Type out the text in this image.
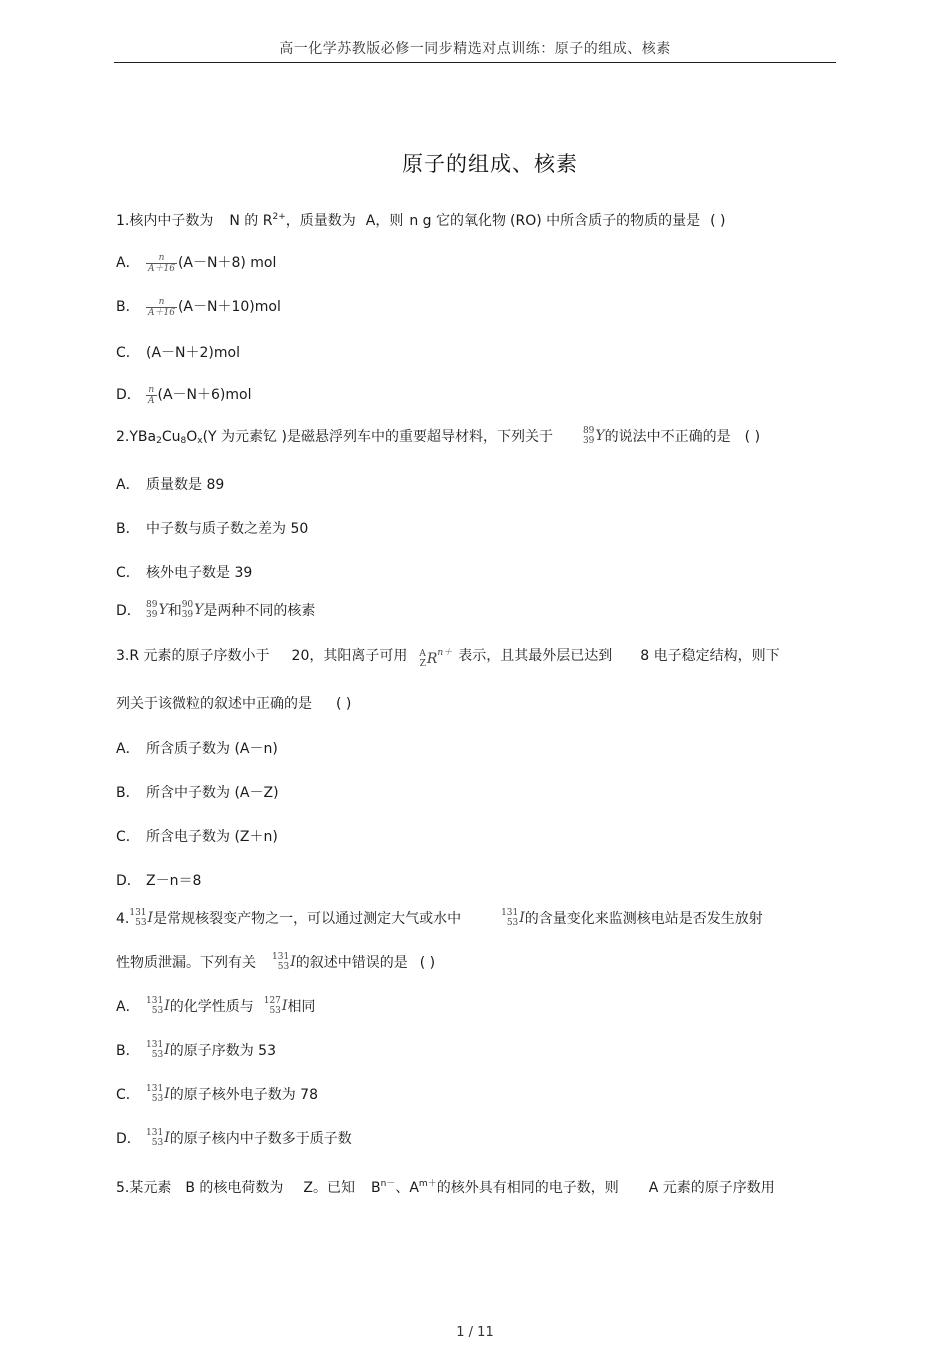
高一化学苏教版必修一同步精选对点训练：原子的组成、核素
原子的组成、核素
1.核内中子数为 N 的 $R^{2+}$，质量数为 A，则 n g 它的氧化物 (RO) 中所含质子的物质的量是 ( )
A． $\frac{n}{A+16} (A-N+8)$ mol
B． $\frac{n}{A+16} (A-N+10)mol$
C． (A－N＋2)mol
D． $\frac{n}{A} (A-N+6)mol$
$2.YBa_2Cu_8O_x(Y$ 为元素钇 )是磁悬浮列车中的重要超导材料，下列关于	89
39 Y的说法中不正确的是 ( )
A． 质量数是 89
B． 中子数与质子数之差为 50
C． 核外电子数是 39
D． 89
39 Y和 90
39 Y是两种不同的核素
3.R 元素的原子序数小于 20，其阳离子可用 A
Z $R^{n+}$ 表示，且其最外层已达到 8 电子稳定结构，则下
列关于该微粒的叙述中正确的是 ( )
A． 所含质子数为 (A－n)
B． 所含中子数为 (A－Z)
C． 所含电子数为 (Z＋n)
D． Z－n＝8
4. 131
53 I是常规核裂变产物之一，可以通过测定大气或水中	131
53 I的含量变化来监测核电站是否发生放射
性物质泄漏。下列有关 131
53 I的叙述中错误的是 ( )
A． 131
53 I的化学性质与 127
53 I相同
B． 131
53 I的原子序数为 53
C． 131
53 I的原子核外电子数为 78
D． 131
53 I的原子核内中子数多于质子数
5.某元素 B 的核电荷数为 Z。已知 $B^{n-}$、$A^{m+}$的核外具有相同的电子数，则 A 元素的原子序数用
1 / 11
